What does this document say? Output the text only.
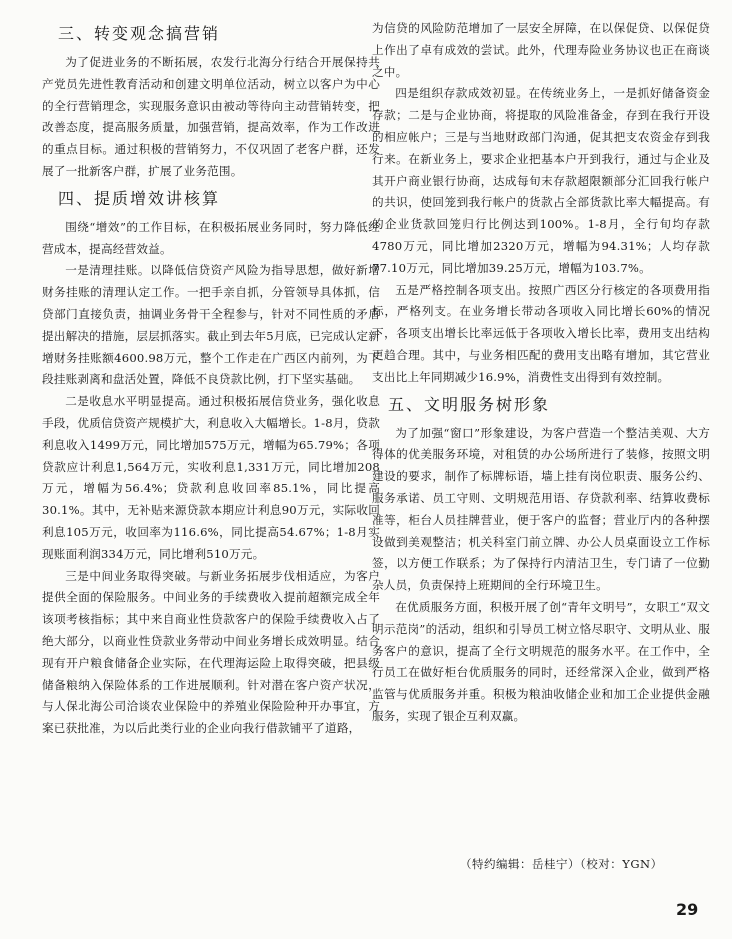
三、转变观念搞营销

为了促进业务的不断拓展，农发行北海分行结合开展保持共产党员先进性教育活动和创建文明单位活动，树立以客户为中心的全行营销理念，实现服务意识由被动等待向主动营销转变，把改善态度，提高服务质量，加强营销，提高效率，作为工作改进的重点目标。通过积极的营销努力，不仅巩固了老客户群，还发展了一批新客户群，扩展了业务范围。

四、提质增效讲核算

围绕“增效”的工作目标，在积极拓展业务同时，努力降低经营成本，提高经营效益。

一是清理挂账。以降低信贷资产风险为指导思想，做好新增财务挂账的清理认定工作。一把手亲自抓，分管领导具体抓，信贷部门直接负责，抽调业务骨干全程参与，针对不同性质的矛盾提出解决的措施，层层抓落实。截止到去年5月底，已完成认定新增财务挂账额4600.98万元，整个工作走在广西区内前列，为下段挂账剥离和盘活处置，降低不良贷款比例，打下坚实基础。

二是收息水平明显提高。通过积极拓展信贷业务，强化收息手段，优质信贷资产规模扩大，利息收入大幅增长。1-8月，贷款利息收入1499万元，同比增加575万元，增幅为65.79%；各项贷款应计利息1,564万元，实收利息1,331万元，同比增加208万元，增幅为56.4%；贷款利息收回率85.1%，同比提高30.1%。其中，无补贴来源贷款本期应计利息90万元，实际收回利息105万元，收回率为116.6%，同比提高54.67%；1-8月实现账面利润334万元，同比增利510万元。

三是中间业务取得突破。与新业务拓展步伐相适应，为客户提供全面的保险服务。中间业务的手续费收入提前超额完成全年该项考核指标；其中来自商业性贷款客户的保险手续费收入占了绝大部分，以商业性贷款业务带动中间业务增长成效明显。结合现有开户粮食储备企业实际，在代理海运险上取得突破，把县级储备粮纳入保险体系的工作进展顺利。针对潜在客户资产状况，与人保北海公司洽谈农业保险中的养殖业保险险种开办事宜，方案已获批准，为以后此类行业的企业向我行借款铺平了道路，

为信贷的风险防范增加了一层安全屏障，在以保促贷、以保促贷上作出了卓有成效的尝试。此外，代理寿险业务协议也正在商谈之中。

四是组织存款成效初显。在传统业务上，一是抓好储备资金存款；二是与企业协商，将提取的风险准备金，存到在我行开设的相应帐户；三是与当地财政部门沟通，促其把支农资金存到我行来。在新业务上，要求企业把基本户开到我行，通过与企业及其开户商业银行协商，达成每旬末存款超限额部分汇回我行帐户的共识，使回笼到我行帐户的货款占全部货款比率大幅提高。有的企业货款回笼归行比例达到100%。1-8月，全行旬均存款4780万元，同比增加2320万元，增幅为94.31%；人均存款77.10万元，同比增加39.25万元，增幅为103.7%。

五是严格控制各项支出。按照广西区分行核定的各项费用指标，严格列支。在业务增长带动各项收入同比增长60%的情况下，各项支出增长比率远低于各项收入增长比率，费用支出结构更趋合理。其中，与业务相匹配的费用支出略有增加，其它营业支出比上年同期减少16.9%，消费性支出得到有效控制。

五、文明服务树形象

为了加强“窗口”形象建设，为客户营造一个整洁美观、大方得体的优美服务环境，对租赁的办公场所进行了装修，按照文明建设的要求，制作了标牌标语，墙上挂有岗位职责、服务公约、服务承诺、员工守则、文明规范用语、存贷款利率、结算收费标准等，柜台人员挂牌营业，便于客户的监督；营业厅内的各种摆设做到美观整洁；机关科室门前立牌、办公人员桌面设立工作标签，以方便工作联系；为了保持行内清洁卫生，专门请了一位勤杂人员，负责保持上班期间的全行环境卫生。

在优质服务方面，积极开展了创“青年文明号”，女职工“双文明示范岗”的活动，组织和引导员工树立恪尽职守、文明从业、服务客户的意识，提高了全行文明规范的服务水平。在工作中，全行员工在做好柜台优质服务的同时，还经常深入企业，做到严格监管与优质服务并重。积极为粮油收储企业和加工企业提供金融服务，实现了银企互利双赢。

（特约编辑：岳桂宁）（校对：YGN）
29
